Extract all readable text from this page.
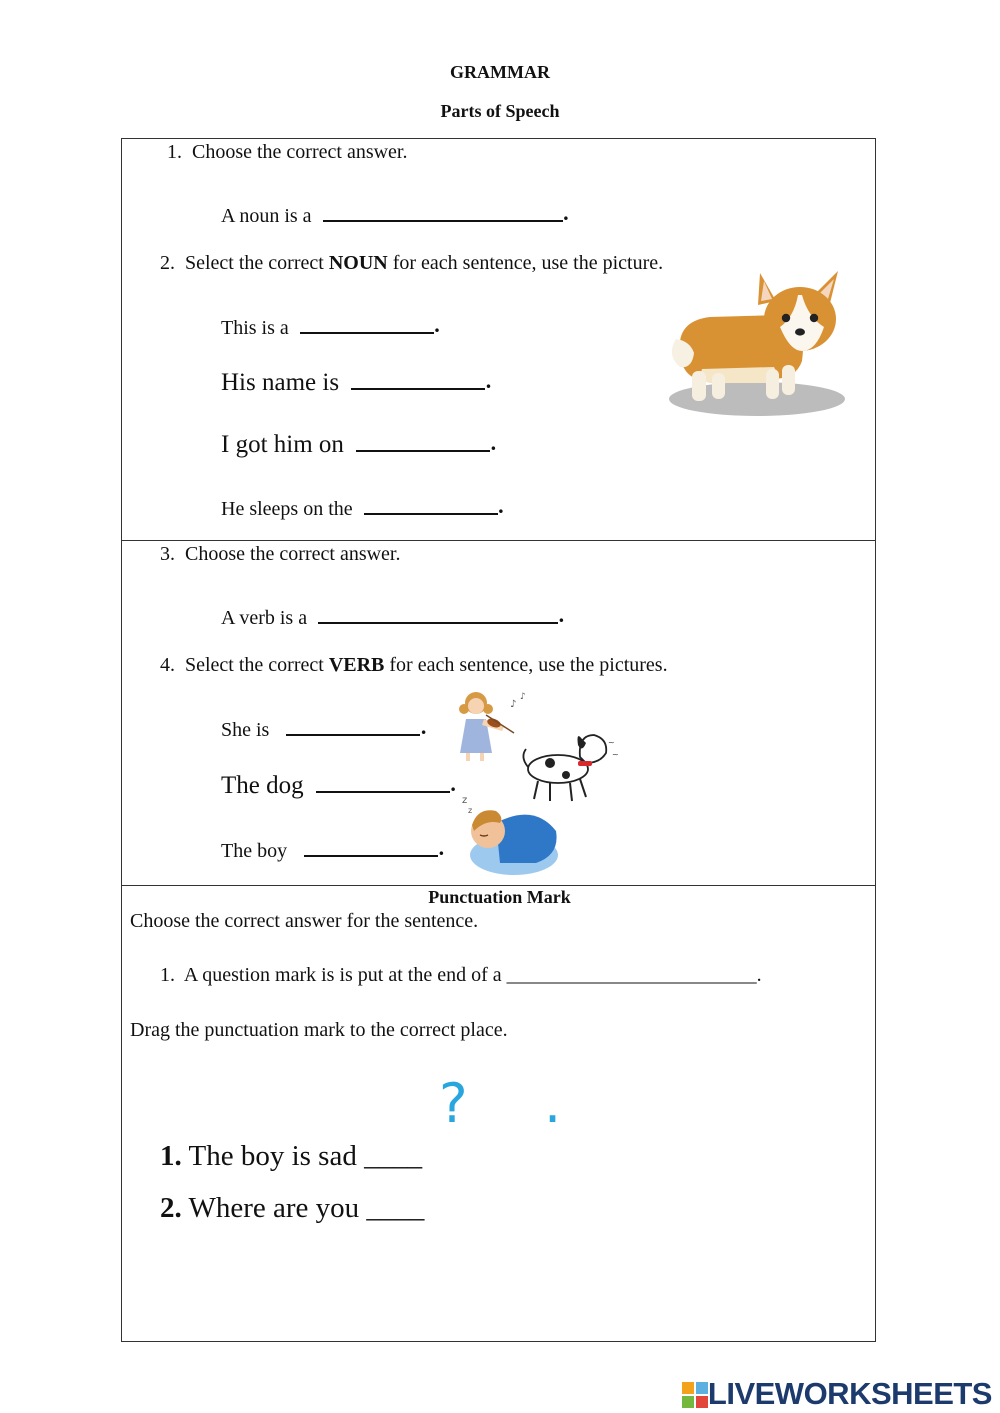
GRAMMAR
Parts of Speech
1. Choose the correct answer.
A noun is a	.
2. Select the correct NOUN for each sentence, use the picture.
This is a	.
His name is	.
I got him on	.
He sleeps on the	.
3. Choose the correct answer.
A verb is a	.
4. Select the correct VERB for each sentence, use the pictures.
She is	.
The dog	.
The boy	.
♪
♪
~
~
z
z
Punctuation Mark
Choose the correct answer for the sentence.
1. A question mark is is put at the end of a _________________________.
Drag the punctuation mark to the correct place.
? .
1. The boy is sad ____
2. Where are you ____
LIVEWORKSHEETS
